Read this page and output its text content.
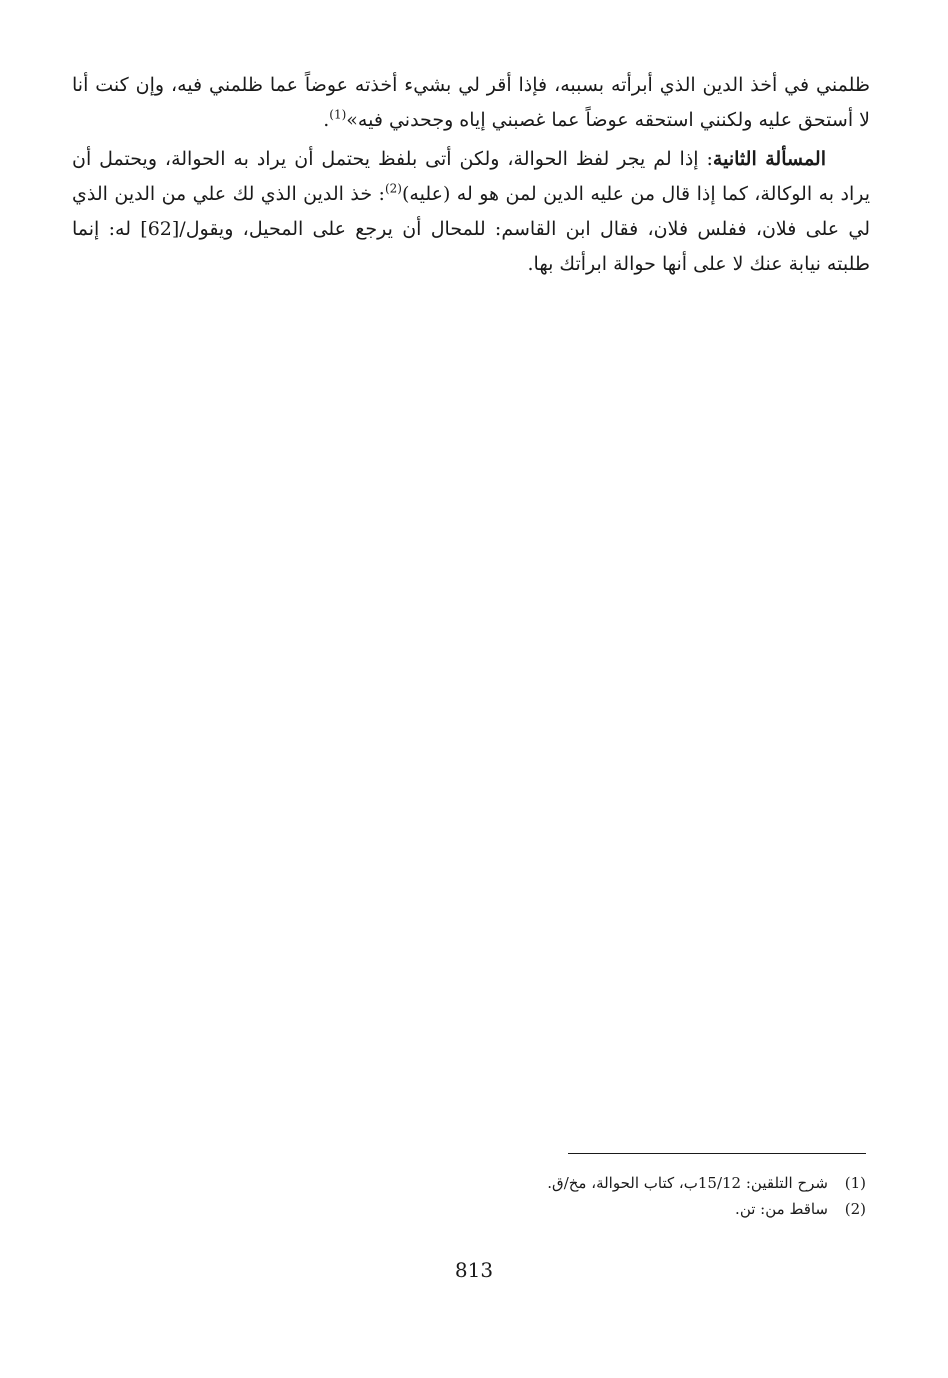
ظلمني في أخذ الدين الذي أبرأته بسببه، فإذا أقر لي بشيء أخذته عوضاً عما ظلمني فيه، وإن كنت أنا لا أستحق عليه ولكنني استحقه عوضاً عما غصبني إياه وجحدني فيه»$^{(1)}$.

المسألة الثانية: إذا لم يجر لفظ الحوالة، ولكن أتى بلفظ يحتمل أن يراد به الحوالة، ويحتمل أن يراد به الوكالة، كما إذا قال من عليه الدين لمن هو له (عليه)$^{(2)}$: خذ الدين الذي لك علي من الدين الذي لي على فلان، ففلس فلان، فقال ابن القاسم: للمحال أن يرجع على المحيل، ويقول/[62] له: إنما طلبته نيابة عنك لا على أنها حوالة ابرأتك بها.

(1)
شرح التلقين: 15/12ب، كتاب الحوالة، مخ/ق.
(2)
ساقط من: تن.
813
